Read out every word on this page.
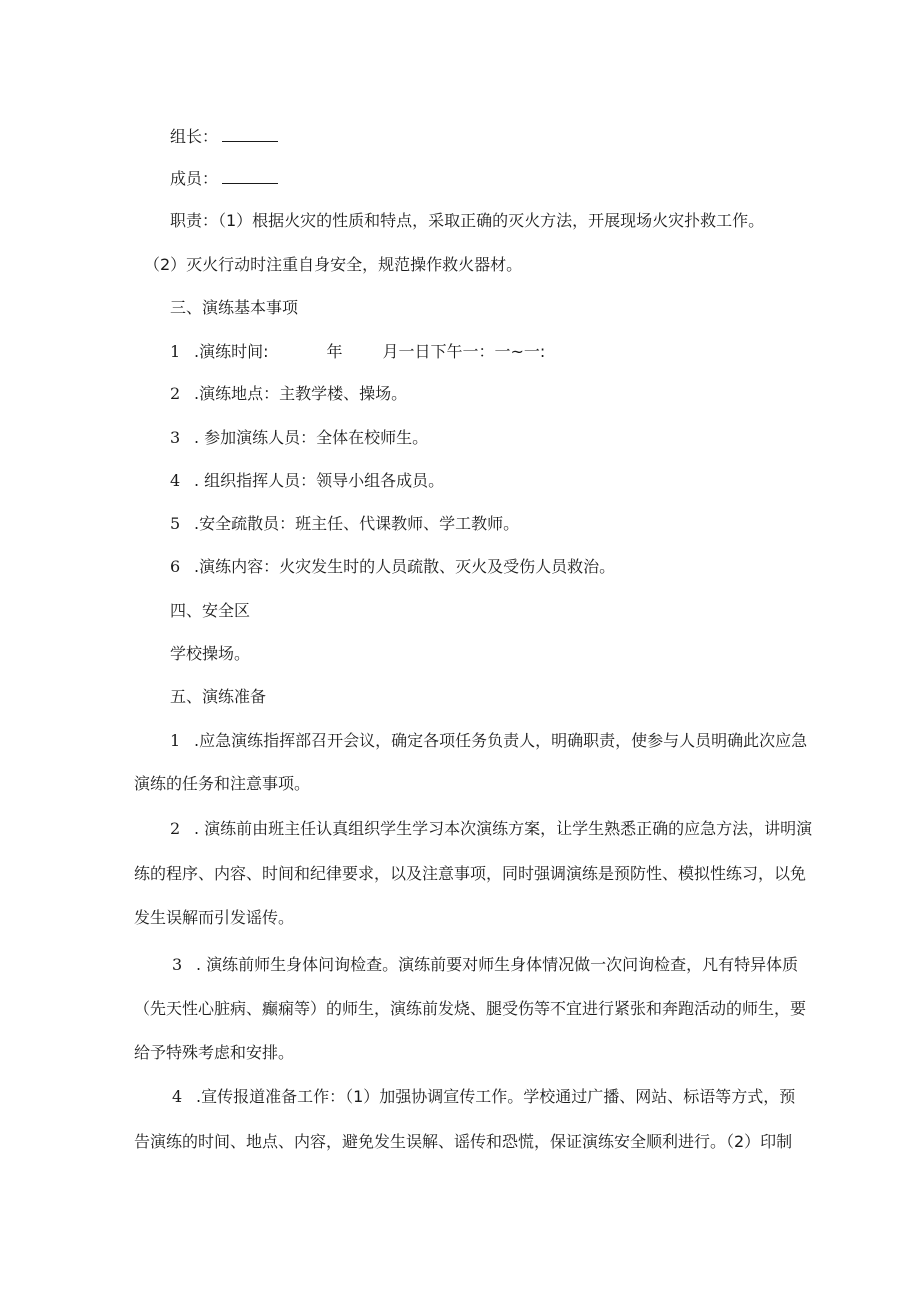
组长：
成员：
职责：（1）根据火灾的性质和特点，采取正确的灭火方法，开展现场火灾扑救工作。
（2）灭火行动时注重自身安全，规范操作救火器材。
三、演练基本事项
1 .演练时间:	年	月一日下午一：一~一:
2 .演练地点：主教学楼、操场。
3 . 参加演练人员：全体在校师生。
4 . 组织指挥人员：领导小组各成员。
5 .安全疏散员：班主任、代课教师、学工教师。
6 .演练内容：火灾发生时的人员疏散、灭火及受伤人员救治。
四、安全区
学校操场。
五、演练准备
1 .应急演练指挥部召开会议，确定各项任务负责人，明确职责，使参与人员明确此次应急
演练的任务和注意事项。
2 . 演练前由班主任认真组织学生学习本次演练方案，让学生熟悉正确的应急方法，讲明演
练的程序、内容、时间和纪律要求，以及注意事项，同时强调演练是预防性、模拟性练习，以免
发生误解而引发谣传。
3 . 演练前师生身体问询检查。演练前要对师生身体情况做一次问询检查，凡有特异体质
（先天性心脏病、癫痫等）的师生，演练前发烧、腿受伤等不宜进行紧张和奔跑活动的师生，要
给予特殊考虑和安排。
4 .宣传报道准备工作：（1）加强协调宣传工作。学校通过广播、网站、标语等方式，预
告演练的时间、地点、内容，避免发生误解、谣传和恐慌，保证演练安全顺利进行。（2）印制
